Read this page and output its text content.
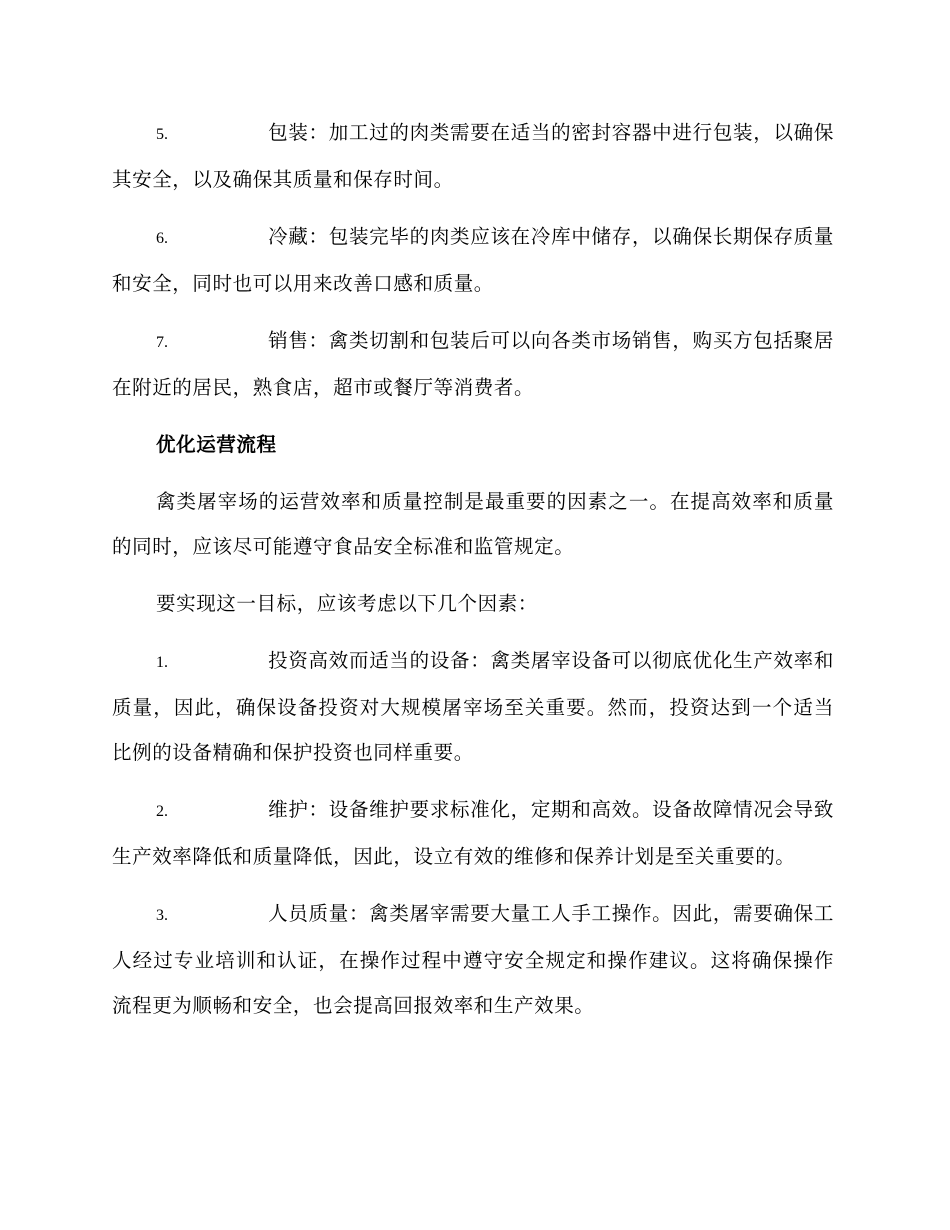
5.	包装：加工过的肉类需要在适当的密封容器中进行包装，以确保其安全，以及确保其质量和保存时间。

6.	冷藏：包装完毕的肉类应该在冷库中储存，以确保长期保存质量和安全，同时也可以用来改善口感和质量。

7.	销售：禽类切割和包装后可以向各类市场销售，购买方包括聚居在附近的居民，熟食店，超市或餐厅等消费者。

优化运营流程

禽类屠宰场的运营效率和质量控制是最重要的因素之一。在提高效率和质量的同时，应该尽可能遵守食品安全标准和监管规定。

要实现这一目标，应该考虑以下几个因素：

1.	投资高效而适当的设备：禽类屠宰设备可以彻底优化生产效率和质量，因此，确保设备投资对大规模屠宰场至关重要。然而，投资达到一个适当比例的设备精确和保护投资也同样重要。

2.	维护：设备维护要求标准化，定期和高效。设备故障情况会导致生产效率降低和质量降低，因此，设立有效的维修和保养计划是至关重要的。

3.	人员质量：禽类屠宰需要大量工人手工操作。因此，需要确保工人经过专业培训和认证，在操作过程中遵守安全规定和操作建议。这将确保操作流程更为顺畅和安全，也会提高回报效率和生产效果。
